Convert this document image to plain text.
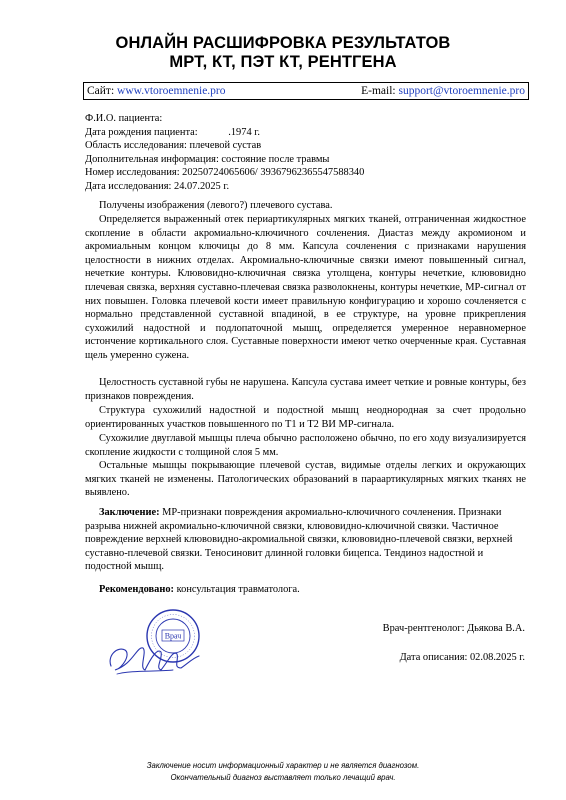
ОНЛАЙН РАСШИФРОВКА РЕЗУЛЬТАТОВ
МРТ, КТ, ПЭТ КТ, РЕНТГЕНА
Сайт: www.vtoroemnenie.pro	E-mail: support@vtoroemnenie.pro
Ф.И.О. пациента:
Дата рождения пациента:	.1974 г.
Область исследования: плечевой сустав
Дополнительная информация: состояние после травмы
Номер исследования: 20250724065606/ 39367962365547588340
Дата исследования: 24.07.2025 г.
Получены изображения (левого?) плечевого сустава.
Определяется выраженный отек периартикулярных мягких тканей, отграниченная жидкостное скопление в области акромиально-ключичного сочленения. Диастаз между акромионом и акромиальным концом ключицы до 8 мм. Капсула сочленения с признаками нарушения целостности в нижних отделах. Акромиально-ключичные связки имеют повышенный сигнал, нечеткие контуры. Клювовидно-ключичная связка утолщена, контуры нечеткие, клювовидно плечевая связка, верхняя суставно-плечевая связка разволокнены, контуры нечеткие, МР-сигнал от них повышен. Головка плечевой кости имеет правильную конфигурацию и хорошо сочленяется с нормально представленной суставной впадиной, в ее структуре, на уровне прикрепления сухожилий надостной и подлопаточной мышц, определяется умеренное неравномерное истончение кортикального слоя. Суставные поверхности имеют четко очерченные края. Суставная щель умеренно сужена.
Целостность суставной губы не нарушена. Капсула сустава имеет четкие и ровные контуры, без признаков повреждения.
Структура сухожилий надостной и подостной мышц неоднородная за счет продольно ориентированных участков повышенного по Т1 и Т2 ВИ МР-сигнала.
Сухожилие двуглавой мышцы плеча обычно расположено обычно, по его ходу визуализируется скопление жидкости с толщиной слоя 5 мм.
Остальные мышцы покрывающие плечевой сустав, видимые отделы легких и окружающих мягких тканей не изменены. Патологических образований в параартикулярных мягких тканях не выявлено.
Заключение: МР-признаки повреждения акромиально-ключичного сочленения. Признаки разрыва нижней акромиально-ключичной связки, клювовидно-ключичной связки. Частичное повреждение верхней клювовидно-акромиальной связки, клювовидно-плечевой связки, верхней суставно-плечевой связки. Теносиновит длинной головки бицепса. Тендиноз надостной и подостной мышц.
Рекомендовано: консультация травматолога.
Врач
Врач-рентгенолог: Дьякова В.А.
Дата описания: 02.08.2025 г.
Заключение носит информационный характер и не является диагнозом.
Окончательный диагноз выставляет только лечащий врач.
